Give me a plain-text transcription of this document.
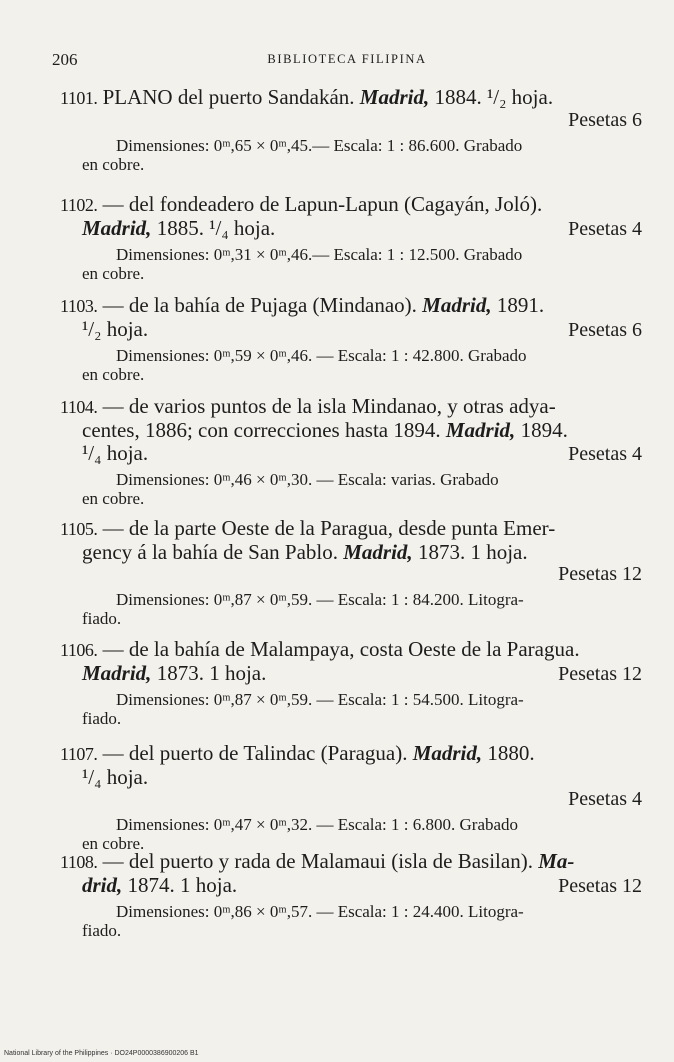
206	BIBLIOTECA FILIPINA
1101. PLANO del puerto Sandakán. Madrid, 1884. ¹/₂ hoja.
Pesetas 6
Dimensiones: 0ᵐ,65 × 0ᵐ,45.— Escala: 1 : 86.600. Grabado
en cobre.
1102. — del fondeadero de Lapun-Lapun (Cagayán, Joló).
Madrid, 1885. ¹/₄ hoja.	Pesetas 4
Dimensiones: 0ᵐ,31 × 0ᵐ,46.— Escala: 1 : 12.500. Grabado
en cobre.
1103. — de la bahía de Pujaga (Mindanao). Madrid, 1891.
¹/₂ hoja.	Pesetas 6
Dimensiones: 0ᵐ,59 × 0ᵐ,46. — Escala: 1 : 42.800. Grabado
en cobre.
1104. — de varios puntos de la isla Mindanao, y otras adya-
centes, 1886; con correcciones hasta 1894. Madrid, 1894.
¹/₄ hoja.	Pesetas 4
Dimensiones: 0ᵐ,46 × 0ᵐ,30. — Escala: varias. Grabado
en cobre.
1105. — de la parte Oeste de la Paragua, desde punta Emer-
gency á la bahía de San Pablo. Madrid, 1873. 1 hoja.
Pesetas 12
Dimensiones: 0ᵐ,87 × 0ᵐ,59. — Escala: 1 : 84.200. Litogra-
fiado.
1106. — de la bahía de Malampaya, costa Oeste de la Paragua.
Madrid, 1873. 1 hoja.	Pesetas 12
Dimensiones: 0ᵐ,87 × 0ᵐ,59. — Escala: 1 : 54.500. Litogra-
fiado.
1107. — del puerto de Talindac (Paragua). Madrid, 1880.
¹/₄ hoja.
Pesetas 4
Dimensiones: 0ᵐ,47 × 0ᵐ,32. — Escala: 1 : 6.800. Grabado
en cobre.
1108. — del puerto y rada de Malamaui (isla de Basilan). Ma-
drid, 1874. 1 hoja.	Pesetas 12
Dimensiones: 0ᵐ,86 × 0ᵐ,57. — Escala: 1 : 24.400. Litogra-
fiado.
National Library of the Philippines · DO24P0000386900206 B1
